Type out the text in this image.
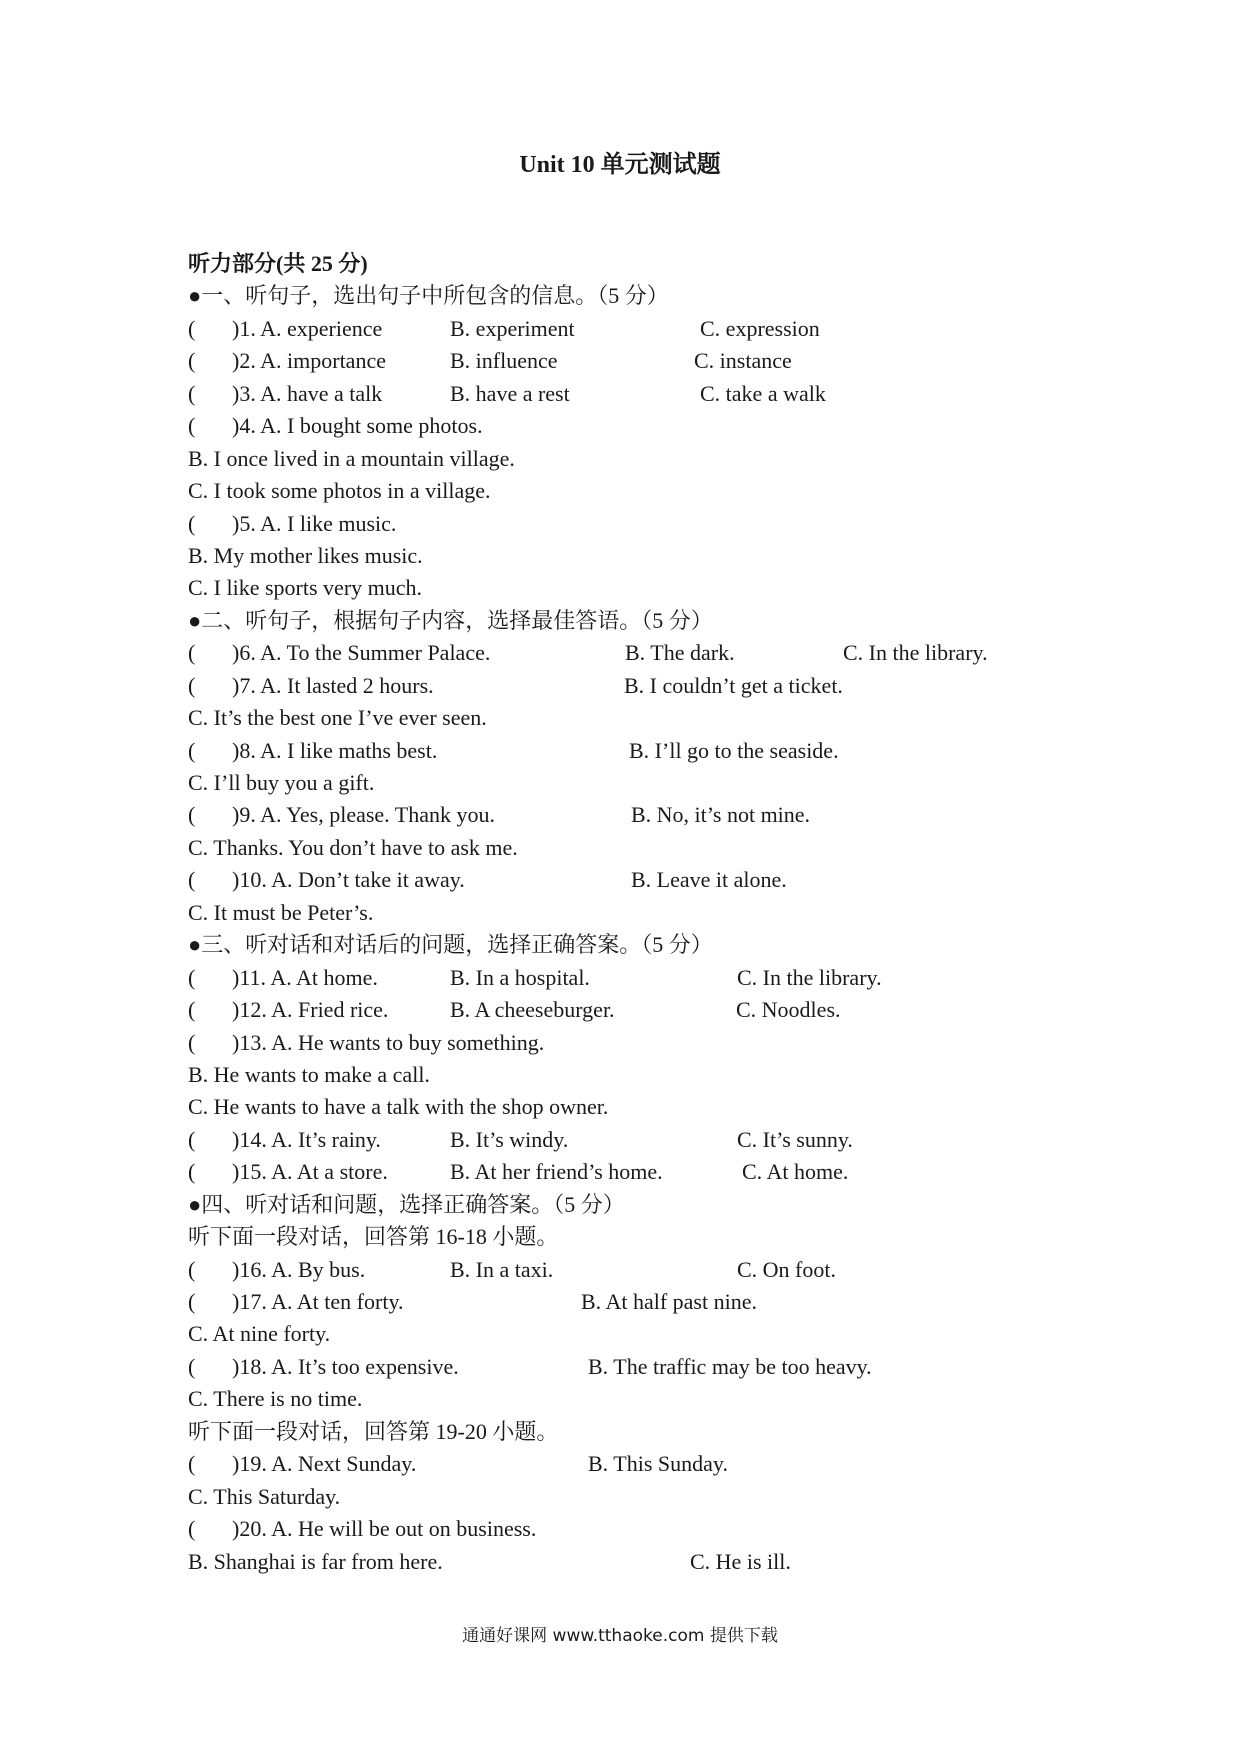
Unit 10 单元测试题
听力部分(共 25 分)
●一、听句子，选出句子中所包含的信息。（5 分）
( )1. A. experience	B. experiment	C. expression
( )2. A. importance	B. influence	C. instance
( )3. A. have a talk	B. have a rest	C. take a walk
( )4. A. I bought some photos.
B. I once lived in a mountain village.
C. I took some photos in a village.
( )5. A. I like music.
B. My mother likes music.
C. I like sports very much.
●二、听句子，根据句子内容，选择最佳答语。（5 分）
( )6. A. To the Summer Palace.	B. The dark.	C. In the library.
( )7. A. It lasted 2 hours.	B. I couldn’t get a ticket.
C. It’s the best one I’ve ever seen.
( )8. A. I like maths best.	B. I’ll go to the seaside.
C. I’ll buy you a gift.
( )9. A. Yes, please. Thank you.	B. No, it’s not mine.
C. Thanks. You don’t have to ask me.
( )10. A. Don’t take it away.	B. Leave it alone.
C. It must be Peter’s.
●三、听对话和对话后的问题，选择正确答案。（5 分）
( )11. A. At home.	B. In a hospital.	C. In the library.
( )12. A. Fried rice.	B. A cheeseburger.	C. Noodles.
( )13. A. He wants to buy something.
B. He wants to make a call.
C. He wants to have a talk with the shop owner.
( )14. A. It’s rainy.	B. It’s windy.	C. It’s sunny.
( )15. A. At a store.	B. At her friend’s home.	C. At home.
●四、听对话和问题，选择正确答案。（5 分）
听下面一段对话，回答第 16-18 小题。
( )16. A. By bus.	B. In a taxi.	C. On foot.
( )17. A. At ten forty.	B. At half past nine.
C. At nine forty.
( )18. A. It’s too expensive.	B. The traffic may be too heavy.
C. There is no time.
听下面一段对话，回答第 19-20 小题。
( )19. A. Next Sunday.	B. This Sunday.
C. This Saturday.
( )20. A. He will be out on business.
B. Shanghai is far from here.	C. He is ill.
通通好课网 www.tthaoke.com 提供下载
